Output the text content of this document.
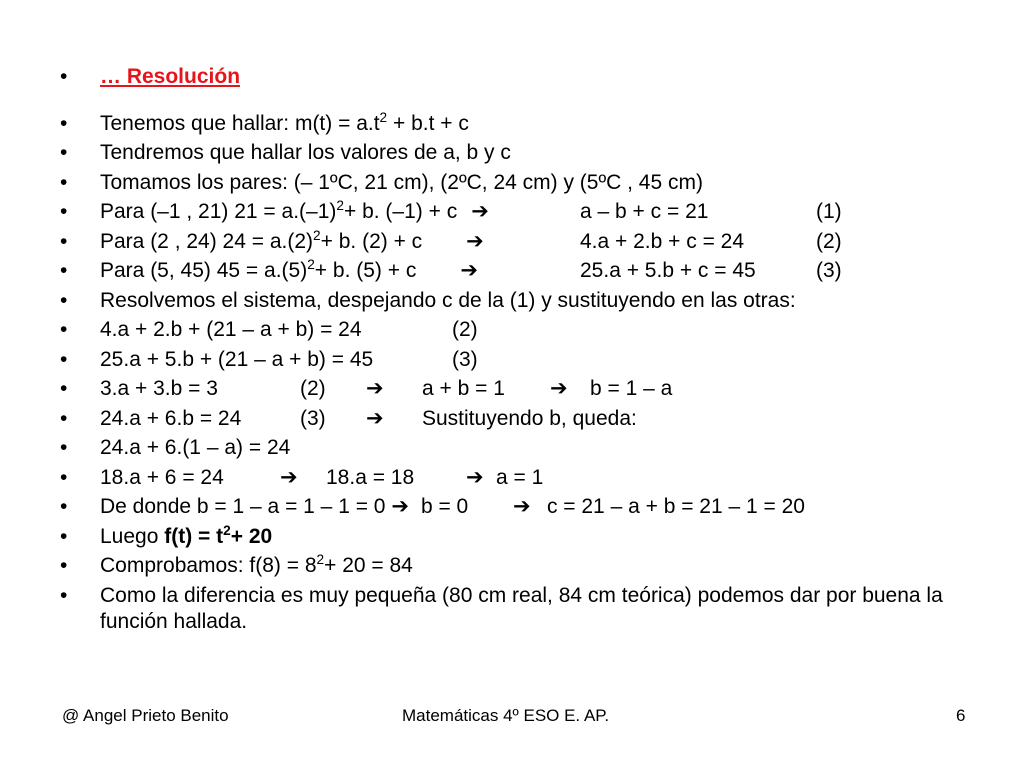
•	… Resolución
•	Tenemos que hallar: $m(t) = a.t^2 + b.t + c$
•	Tendremos que hallar los valores de a, b y c
•	Tomamos los pares: (– 1ºC, 21 cm), (2ºC, 24 cm) y (5ºC , 45 cm)
•	Para (–1 , 21) $21 = a.(-1)^2+ b$. (–1) + c ➔	a – b + c = 21	(1)
•	Para (2 , 24) $24 = a.(2)^2+ b$. (2) + c ➔	4.a + 2.b + c = 24	(2)
•	Para (5, 45) $45 = a.(5)^2+ b$. (5) + c ➔	25.a + 5.b + c = 45	(3)
•	Resolvemos el sistema, despejando c de la (1) y sustituyendo en las otras:
•	4.a + 2.b + (21 – a + b) = 24	(2)
•	25.a + 5.b + (21 – a + b) = 45	(3)
•	3.a + 3.b = 3	(2) ➔ a + b = 1 ➔ b = 1 – a
•	24.a + 6.b = 24	(3) ➔ Sustituyendo b, queda:
•	24.a + 6.(1 – a) = 24
•	18.a + 6 = 24	➔ 18.a = 18 ➔ a = 1
•	De donde b = 1 – a = 1 – 1 = 0 ➔ b = 0 ➔ c = 21 – a + b = 21 – 1 = 20
•	Luego $f(t) = t^2+ 20$
•	Comprobamos: $f(8) = 8^2+ 20 = 84$
•	Como la diferencia es muy pequeña (80 cm real, 84 cm teórica) podemos dar por buena la función hallada.
@ Angel Prieto Benito	Matemáticas 4º ESO E. AP.	6
